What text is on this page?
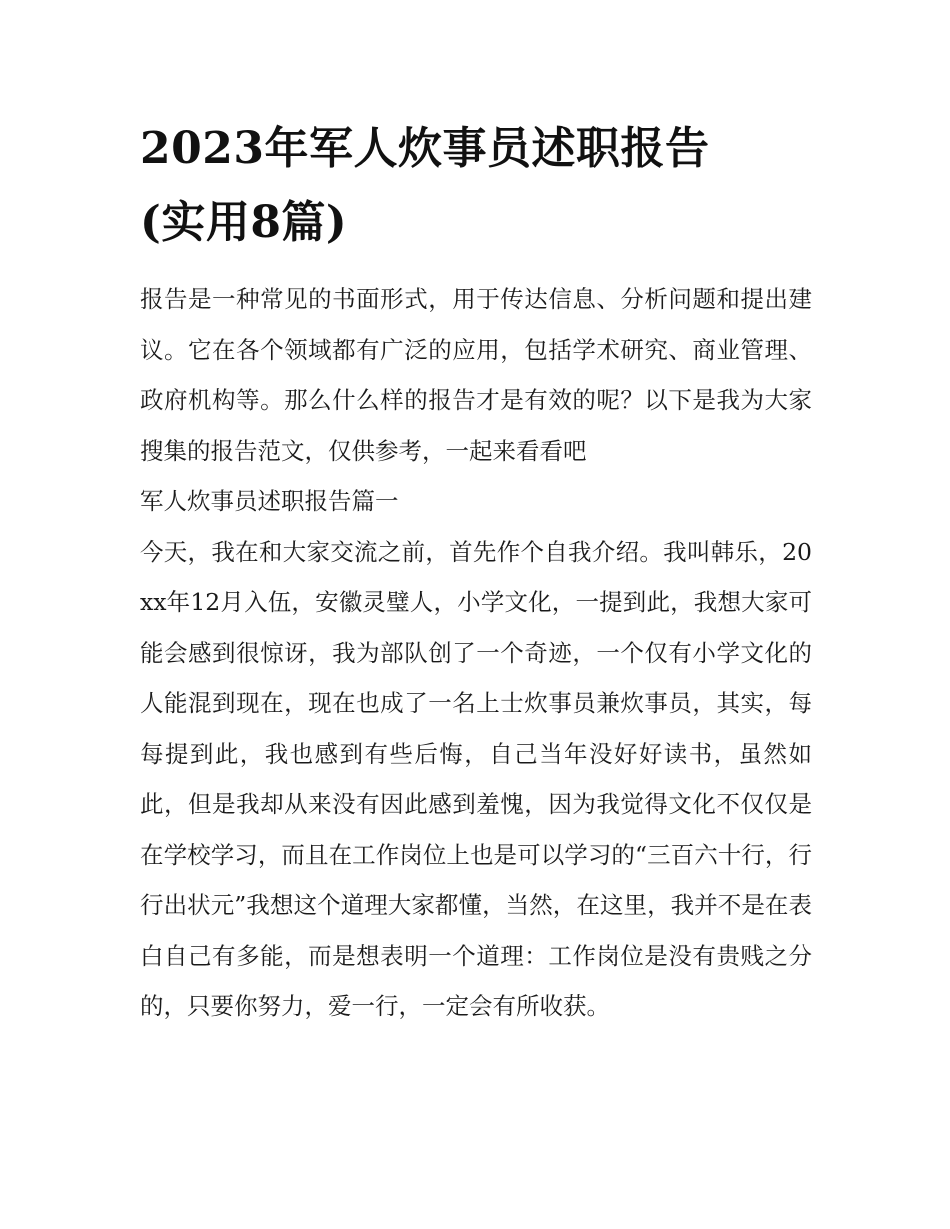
2023年军人炊事员述职报告
(实用8篇)

报告是一种常见的书面形式，用于传达信息、分析问题和提出建议。它在各个领域都有广泛的应用，包括学术研究、商业管理、政府机构等。那么什么样的报告才是有效的呢？以下是我为大家搜集的报告范文，仅供参考，一起来看看吧

军人炊事员述职报告篇一

今天，我在和大家交流之前，首先作个自我介绍。我叫韩乐，20xx年12月入伍，安徽灵璧人，小学文化，一提到此，我想大家可能会感到很惊讶，我为部队创了一个奇迹，一个仅有小学文化的人能混到现在，现在也成了一名上士炊事员兼炊事员，其实，每每提到此，我也感到有些后悔，自己当年没好好读书，虽然如此，但是我却从来没有因此感到羞愧，因为我觉得文化不仅仅是在学校学习，而且在工作岗位上也是可以学习的“三百六十行，行行出状元”我想这个道理大家都懂，当然，在这里，我并不是在表白自己有多能，而是想表明一个道理：工作岗位是没有贵贱之分的，只要你努力，爱一行，一定会有所收获。
